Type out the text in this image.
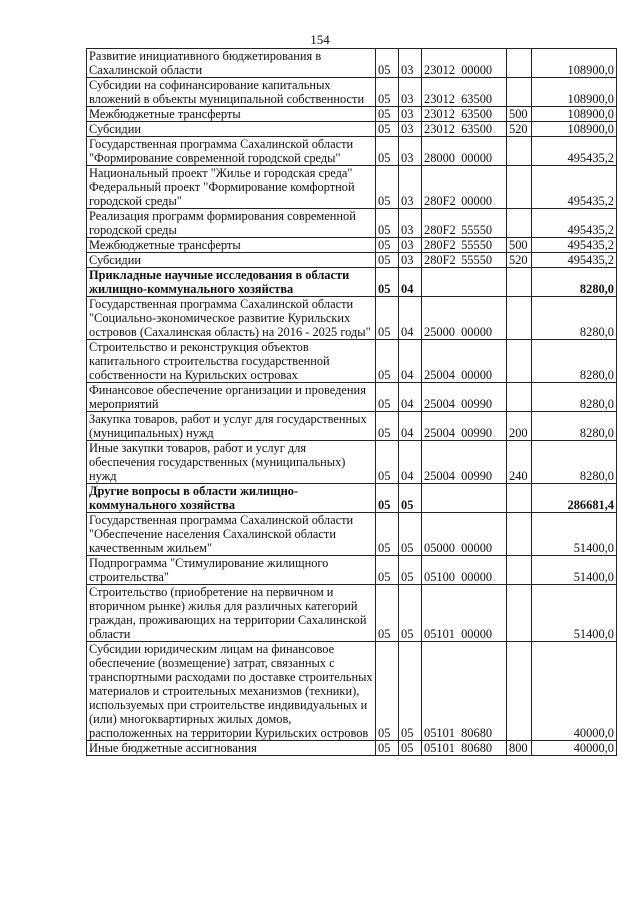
154
Развитие инициативного бюджетирования в Сахалинской области	05	03	23012 00000		108900,0
Субсидии на софинансирование капитальных вложений в объекты муниципальной собственности	05	03	23012 63500		108900,0
Межбюджетные трансферты	05	03	23012 63500	500	108900,0
Субсидии	05	03	23012 63500	520	108900,0
Государственная программа Сахалинской области "Формирование современной городской среды"	05	03	28000 00000		495435,2
Национальный проект "Жилье и городская среда" Федеральный проект "Формирование комфортной городской среды"	05	03	280F2 00000		495435,2
Реализация программ формирования современной городской среды	05	03	280F2 55550		495435,2
Межбюджетные трансферты	05	03	280F2 55550	500	495435,2
Субсидии	05	03	280F2 55550	520	495435,2
Прикладные научные исследования в области жилищно-коммунального хозяйства	05	04			8280,0
Государственная программа Сахалинской области "Социально-экономическое развитие Курильских островов (Сахалинская область) на 2016 - 2025 годы"	05	04	25000 00000		8280,0
Строительство и реконструкция объектов капитального строительства государственной собственности на Курильских островах	05	04	25004 00000		8280,0
Финансовое обеспечение организации и проведения мероприятий	05	04	25004 00990		8280,0
Закупка товаров, работ и услуг для государственных (муниципальных) нужд	05	04	25004 00990	200	8280,0
Иные закупки товаров, работ и услуг для обеспечения государственных (муниципальных) нужд	05	04	25004 00990	240	8280,0
Другие вопросы в области жилищно-коммунального хозяйства	05	05			286681,4
Государственная программа Сахалинской области "Обеспечение населения Сахалинской области качественным жильем"	05	05	05000 00000		51400,0
Подпрограмма "Стимулирование жилищного строительства"	05	05	05100 00000		51400,0
Строительство (приобретение на первичном и вторичном рынке) жилья для различных категорий граждан, проживающих на территории Сахалинской области	05	05	05101 00000		51400,0
Субсидии юридическим лицам на финансовое обеспечение (возмещение) затрат, связанных с транспортными расходами по доставке строительных материалов и строительных механизмов (техники), используемых при строительстве индивидуальных и (или) многоквартирных жилых домов, расположенных на территории Курильских островов	05	05	05101 80680		40000,0
Иные бюджетные ассигнования	05	05	05101 80680	800	40000,0
